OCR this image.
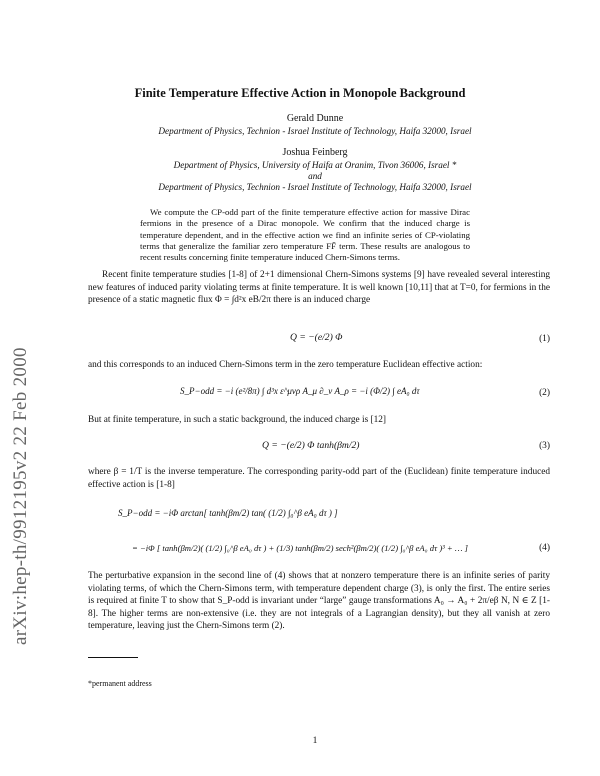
arXiv:hep-th/9912195v2 22 Feb 2000
Finite Temperature Effective Action in Monopole Background
Gerald Dunne
Department of Physics, Technion - Israel Institute of Technology, Haifa 32000, Israel
Joshua Feinberg
Department of Physics, University of Haifa at Oranim, Tivon 36006, Israel *
and
Department of Physics, Technion - Israel Institute of Technology, Haifa 32000, Israel
We compute the CP-odd part of the finite temperature effective action for massive Dirac fermions in the presence of a Dirac monopole. We confirm that the induced charge is temperature dependent, and in the effective action we find an infinite series of CP-violating terms that generalize the familiar zero temperature FF̃ term. These results are analogous to recent results concerning finite temperature induced Chern-Simons terms.
Recent finite temperature studies [1-8] of 2+1 dimensional Chern-Simons systems [9] have revealed several interesting new features of induced parity violating terms at finite temperature. It is well known [10,11] that at T=0, for fermions in the presence of a static magnetic flux Φ = ∫d²x eB/2π there is an induced charge
Q = −(e/2) Φ	(1)
and this corresponds to an induced Chern-Simons term in the zero temperature Euclidean effective action:
S_P−odd = −i (e²/8π) ∫ d³x ε^μνρ A_μ ∂_ν A_ρ = −i (Φ/2) ∫ eA₀ dτ	(2)
But at finite temperature, in such a static background, the induced charge is [12]
Q = −(e/2) Φ tanh(βm/2)	(3)
where β = 1/T is the inverse temperature. The corresponding parity-odd part of the (Euclidean) finite temperature induced effective action is [1-8]
S_P−odd = −iΦ arctan[ tanh(βm/2) tan( (1/2) ∫₀^β eA₀ dτ ) ]
= −iΦ [ tanh(βm/2)( (1/2) ∫₀^β eA₀ dτ ) + (1/3) tanh(βm/2) sech²(βm/2)( (1/2) ∫₀^β eA₀ dτ )³ + … ]	(4)
The perturbative expansion in the second line of (4) shows that at nonzero temperature there is an infinite series of parity violating terms, of which the Chern-Simons term, with temperature dependent charge (3), is only the first. The entire series is required at finite T to show that S_P-odd is invariant under “large” gauge transformations A₀ → A₀ + 2π/eβ N, N ∈ Z [1-8]. The higher terms are non-extensive (i.e. they are not integrals of a Lagrangian density), but they all vanish at zero temperature, leaving just the Chern-Simons term (2).
*permanent address
1
